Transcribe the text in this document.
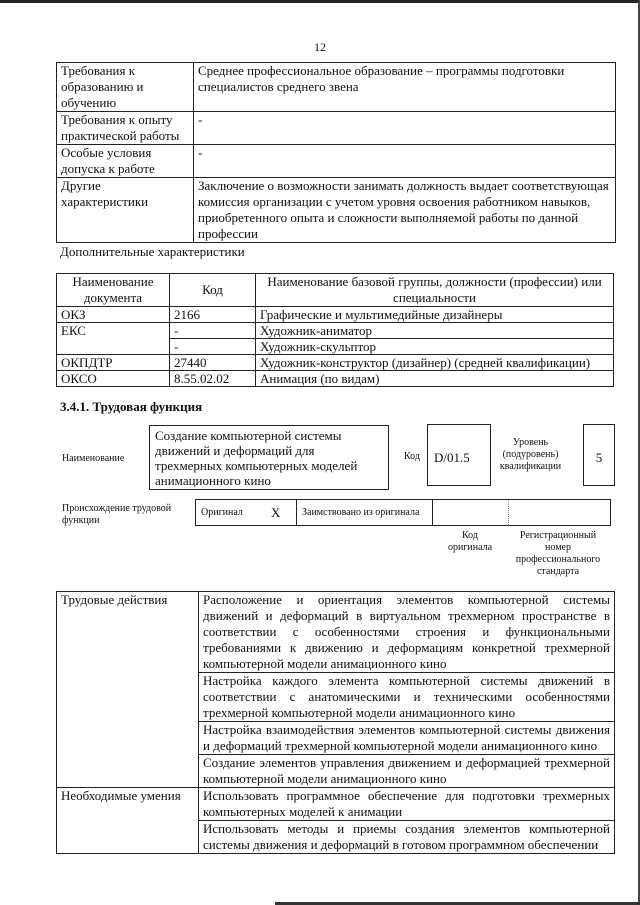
12
Требования к образованию и обучению	Среднее профессиональное образование – программы подготовки специалистов среднего звена
Требования к опыту практической работы	-
Особые условия допуска к работе	-
Другие характеристики	Заключение о возможности занимать должность выдает соответствующая комиссия организации с учетом уровня освоения работником навыков, приобретенного опыта и сложности выполняемой работы по данной профессии
Дополнительные характеристики
Наименование документа	Код	Наименование базовой группы, должности (профессии) или специальности
ОКЗ	2166	Графические и мультимедийные дизайнеры
ЕКС	-	Художник-аниматор
	-	Художник-скульптор
ОКПДТР	27440	Художник-конструктор (дизайнер) (средней квалификации)
ОКСО	8.55.02.02	Анимация (по видам)
3.4.1. Трудовая функция
Наименование
Создание компьютерной системы движений и деформаций для трехмерных компьютерных моделей анимационного кино
Код	D/01.5
Уровень (подуровень) квалификации
5
Происхождение трудовой функции
Оригинал	X	Заимствовано из оригинала		
Код оригинала
Регистрационный номер профессионального стандарта
Трудовые действия	Расположение и ориентация элементов компьютерной системы движений и деформаций в виртуальном трехмерном пространстве в соответствии с особенностями строения и функциональными требованиями к движению и деформациям конкретной трехмерной компьютерной модели анимационного кино
	Настройка каждого элемента компьютерной системы движений в соответствии с анатомическими и техническими особенностями трехмерной компьютерной модели анимационного кино
	Настройка взаимодействия элементов компьютерной системы движения и деформаций трехмерной компьютерной модели анимационного кино
	Создание элементов управления движением и деформацией трехмерной компьютерной модели анимационного кино
Необходимые умения	Использовать программное обеспечение для подготовки трехмерных компьютерных моделей к анимации
	Использовать методы и приемы создания элементов компьютерной системы движения и деформаций в готовом программном обеспечении
